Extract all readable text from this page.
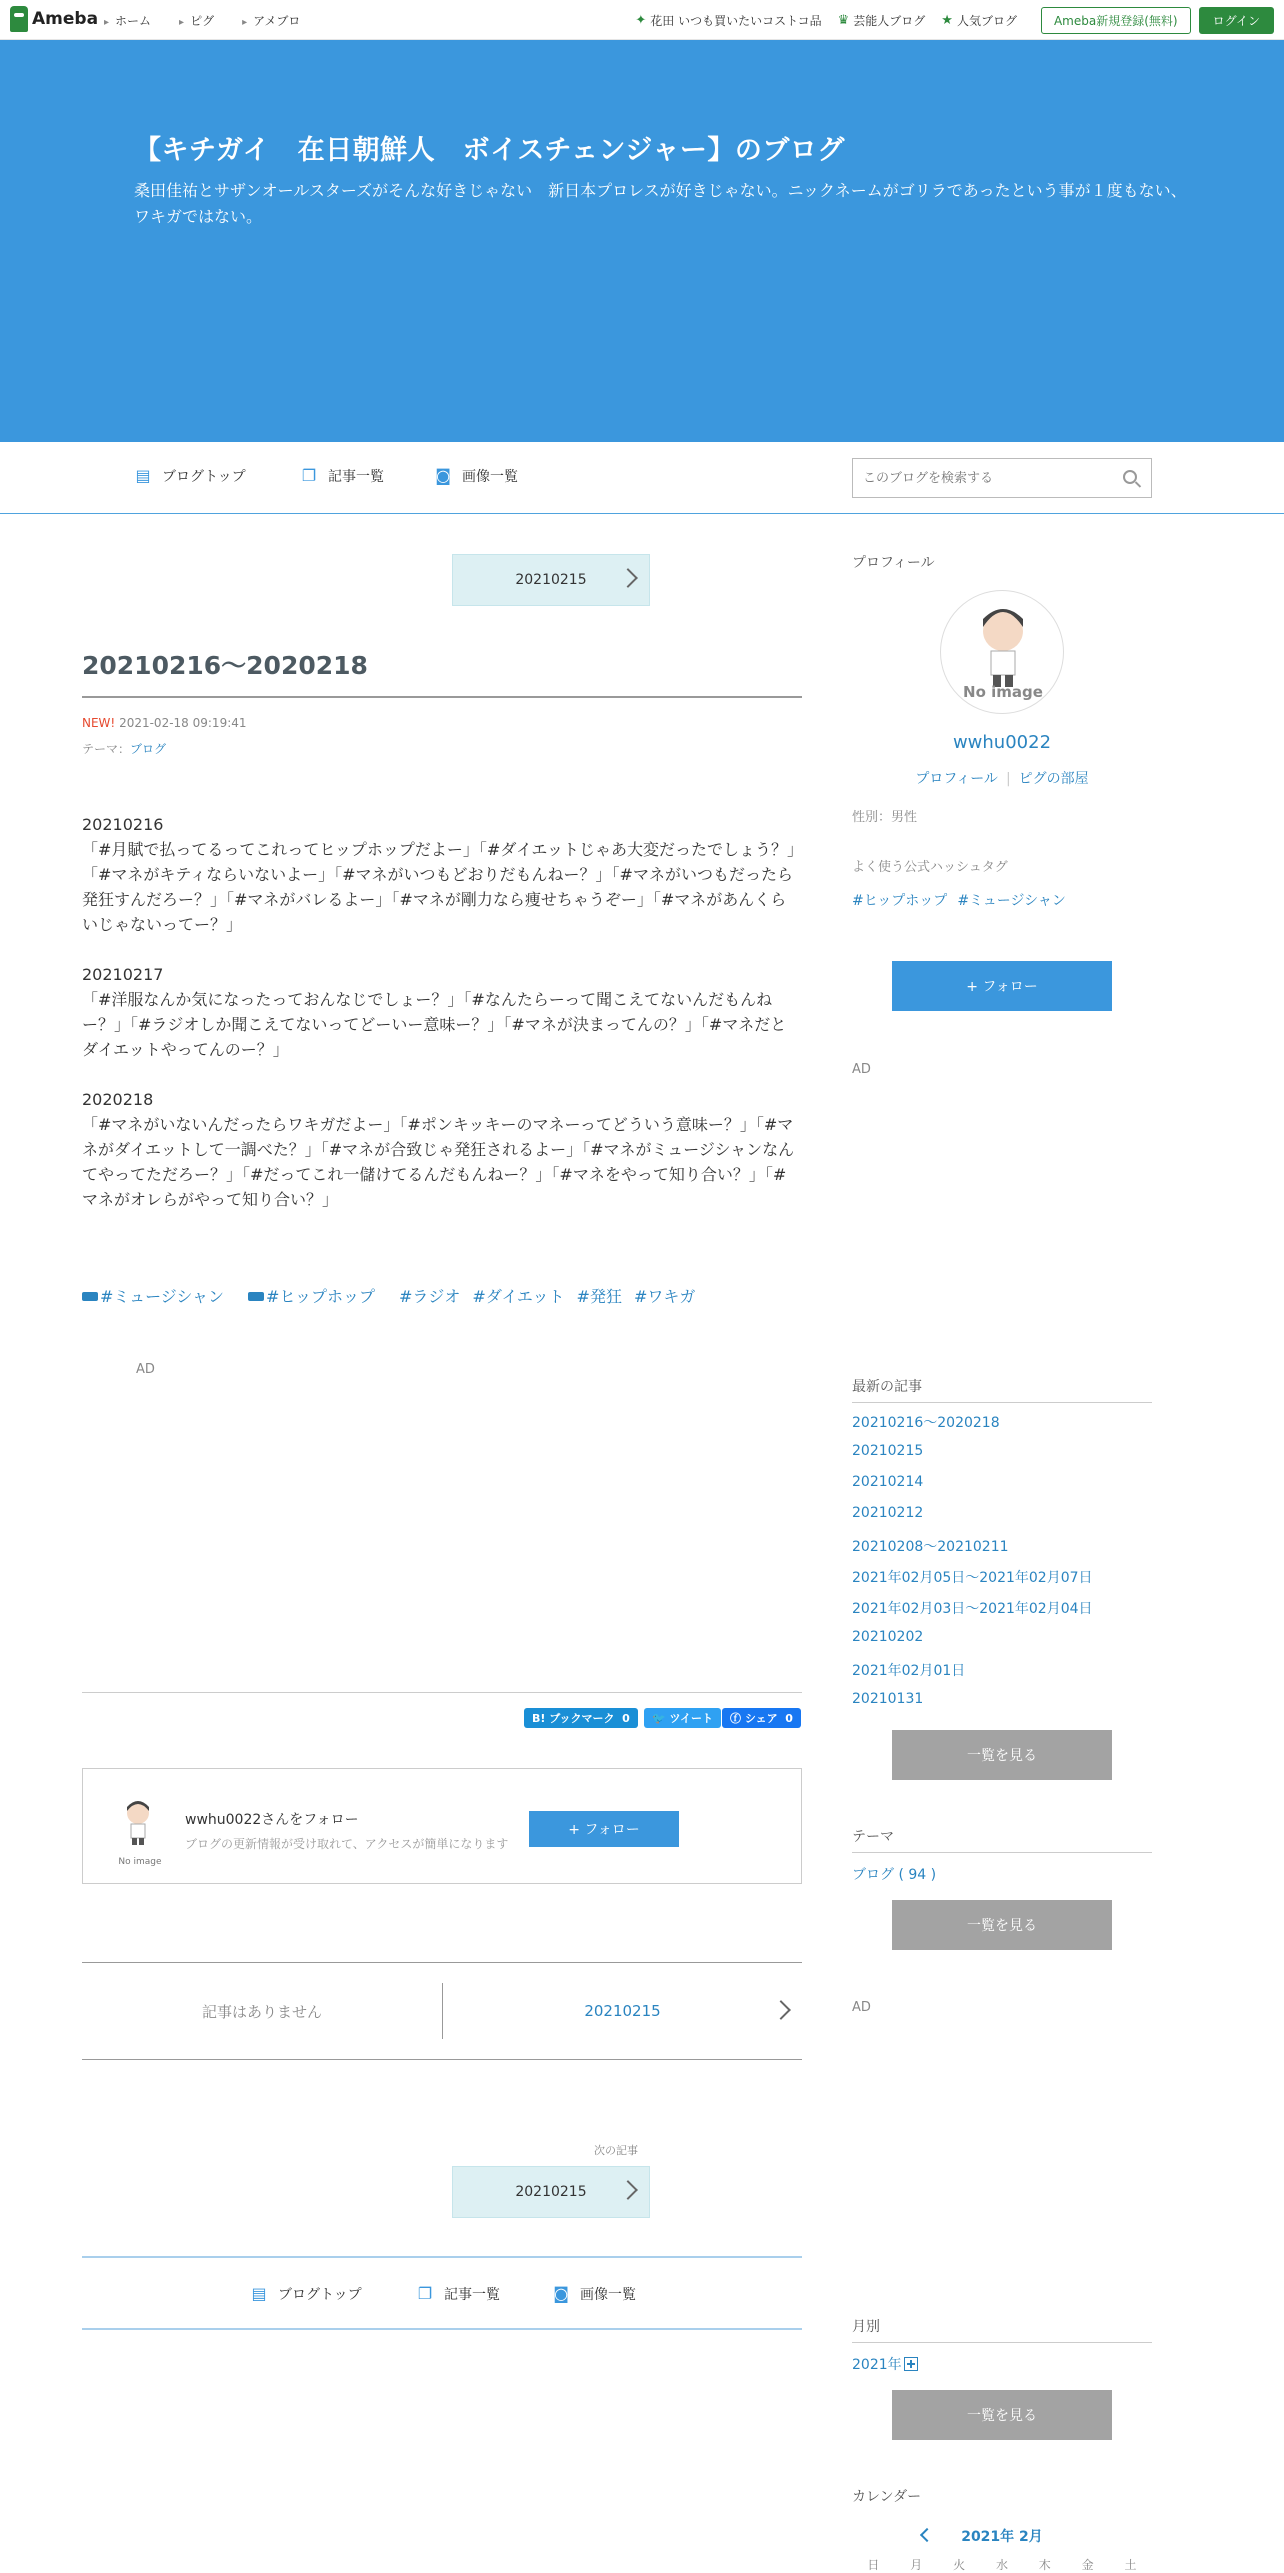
Ameba	▸ ホーム	▸ ピグ	▸ アメブロ	✦ 花田 いつも買いたいコストコ品 ♛ 芸能人ブログ ★ 人気ブログ	Ameba新規登録(無料)	ログイン
【キチガイ　在日朝鮮人　ボイスチェンジャー】のブログ

桑田佳祐とサザンオールスターズがそんな好きじゃない　新日本プロレスが好きじゃない。ニックネームがゴリラであったという事が１度もない、ワキガではない。

▤ ブログトップ	❐ 記事一覧	◙ 画像一覧
このブログを検索する
20210215
20210216～2020218
NEW! 2021-02-18 09:19:41
テーマ：ブログ

20210216
「#月賦で払ってるってこれってヒップホップだよー」「#ダイエットじゃあ大変だったでしょう？」「#マネがキティならいないよー」「#マネがいつもどおりだもんねー？」「#マネがいつもだったら発狂すんだろー？」「#マネがバレるよー」「#マネが剛力なら痩せちゃうぞー」「#マネがあんくらいじゃないってー？」

20210217
「#洋服なんか気になったっておんなじでしょー？」「#なんたらーって聞こえてないんだもんねー？」「#ラジオしか聞こえてないってどーいー意味ー？」「#マネが決まってんの？」「#マネだとダイエットやってんのー？」

2020218
「#マネがいないんだったらワキガだよー」「#ポンキッキーのマネーってどういう意味ー？」「#マネがダイエットして一調べた？」「#マネが合致じゃ発狂されるよー」「#マネがミュージシャンなんてやってただろー？」「#だってこれ一儲けてるんだもんねー？」「#マネをやって知り合い？」「#マネがオレらがやって知り合い？」

#ミュージシャン	#ヒップホップ	#ラジオ #ダイエット #発狂 #ワキガ
AD
B! ブックマーク
0 🐦
ツイート ⓕ
シェア
0
No image
wwhu0022さんをフォロー
ブログの更新情報が受け取れて、アクセスが簡単になります
+ フォロー
記事はありません	20210215
次の記事
20210215
▤ ブログトップ	❐ 記事一覧	◙ 画像一覧
プロフィール
No image
wwhu0022
プロフィール | ピグの部屋
性別：男性
よく使う公式ハッシュタグ
#ヒップホップ #ミュージシャン
+ フォロー
AD
最新の記事
20210216～2020218
20210215
20210214
20210212
20210208～20210211
2021年02月05日～2021年02月07日
2021年02月03日～2021年02月04日
20210202
2021年02月01日
20210131
一覧を見る
テーマ
ブログ ( 94 )
一覧を見る
AD
月別
2021年
一覧を見る
カレンダー
2021年 2月
日	月	火	水	木	金	土
